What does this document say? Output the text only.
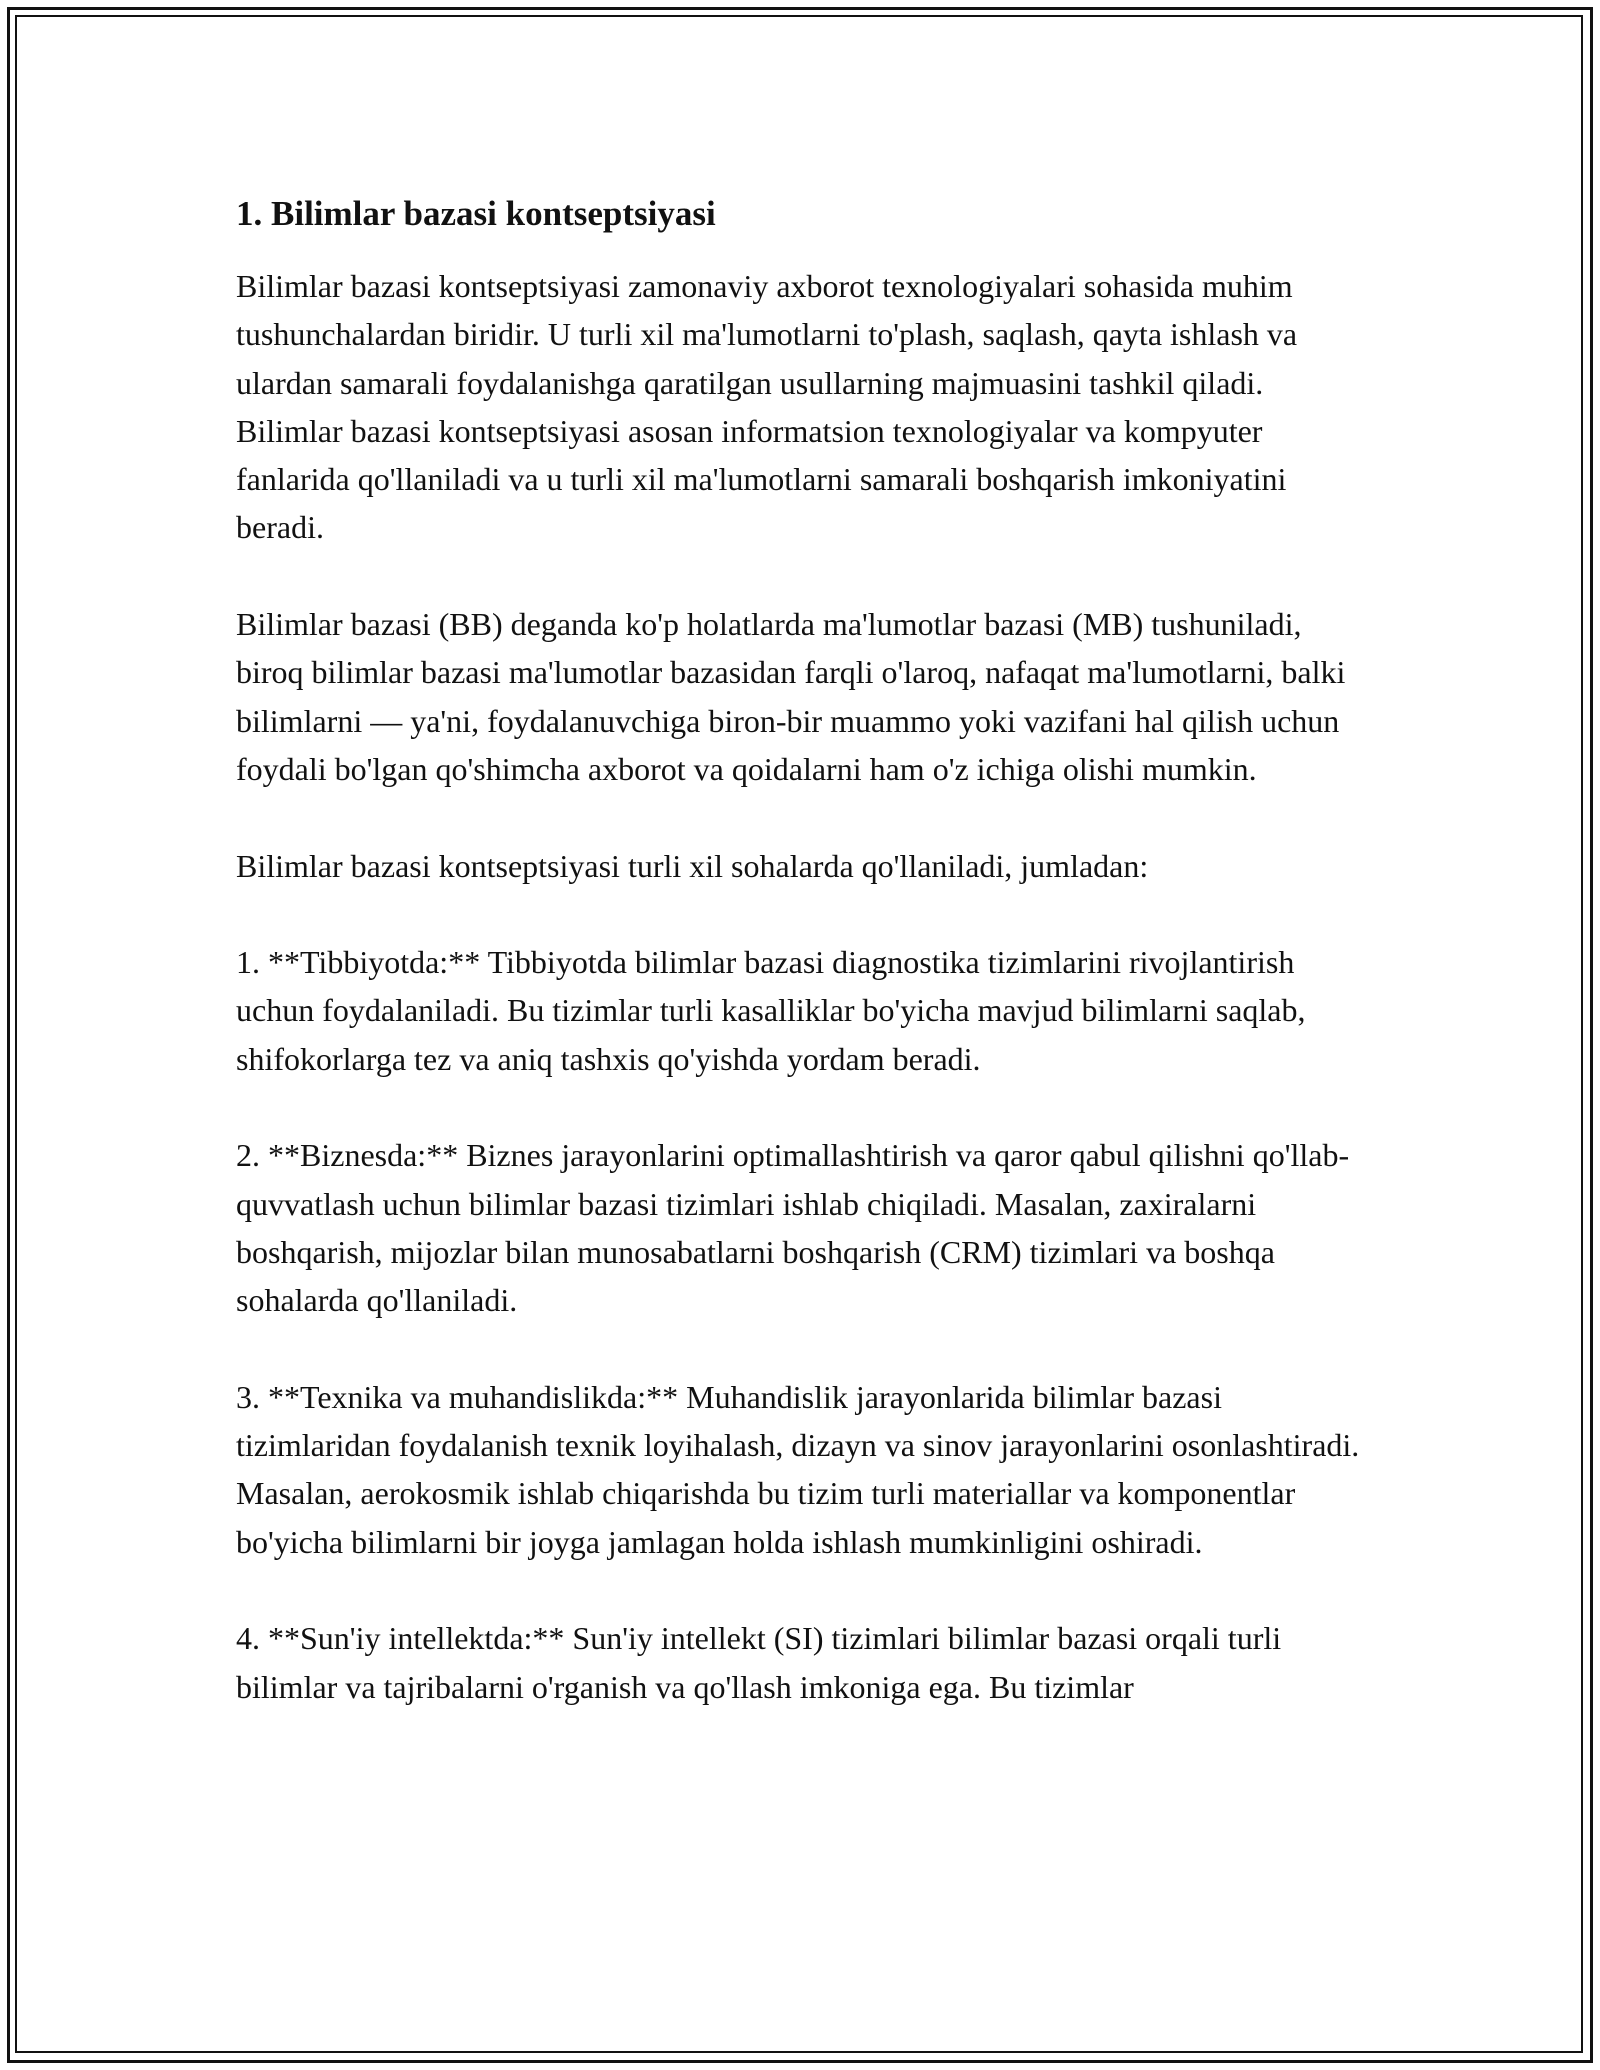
1. Bilimlar bazasi kontseptsiyasi

Bilimlar bazasi kontseptsiyasi zamonaviy axborot texnologiyalari sohasida muhim tushunchalardan biridir. U turli xil ma'lumotlarni to'plash, saqlash, qayta ishlash va ulardan samarali foydalanishga qaratilgan usullarning majmuasini tashkil qiladi. Bilimlar bazasi kontseptsiyasi asosan informatsion texnologiyalar va kompyuter fanlarida qo'llaniladi va u turli xil ma'lumotlarni samarali boshqarish imkoniyatini beradi.

Bilimlar bazasi (BB) deganda ko'p holatlarda ma'lumotlar bazasi (MB) tushuniladi, biroq bilimlar bazasi ma'lumotlar bazasidan farqli o'laroq, nafaqat ma'lumotlarni, balki bilimlarni — ya'ni, foydalanuvchiga biron-bir muammo yoki vazifani hal qilish uchun foydali bo'lgan qo'shimcha axborot va qoidalarni ham o'z ichiga olishi mumkin.

Bilimlar bazasi kontseptsiyasi turli xil sohalarda qo'llaniladi, jumladan:

1. **Tibbiyotda:** Tibbiyotda bilimlar bazasi diagnostika tizimlarini rivojlantirish uchun foydalaniladi. Bu tizimlar turli kasalliklar bo'yicha mavjud bilimlarni saqlab, shifokorlarga tez va aniq tashxis qo'yishda yordam beradi.

2. **Biznesda:** Biznes jarayonlarini optimallashtirish va qaror qabul qilishni qo'llab-quvvatlash uchun bilimlar bazasi tizimlari ishlab chiqiladi. Masalan, zaxiralarni boshqarish, mijozlar bilan munosabatlarni boshqarish (CRM) tizimlari va boshqa sohalarda qo'llaniladi.

3. **Texnika va muhandislikda:** Muhandislik jarayonlarida bilimlar bazasi tizimlaridan foydalanish texnik loyihalash, dizayn va sinov jarayonlarini osonlashtiradi. Masalan, aerokosmik ishlab chiqarishda bu tizim turli materiallar va komponentlar bo'yicha bilimlarni bir joyga jamlagan holda ishlash mumkinligini oshiradi.

4. **Sun'iy intellektda:** Sun'iy intellekt (SI) tizimlari bilimlar bazasi orqali turli bilimlar va tajribalarni o'rganish va qo'llash imkoniga ega. Bu tizimlar
